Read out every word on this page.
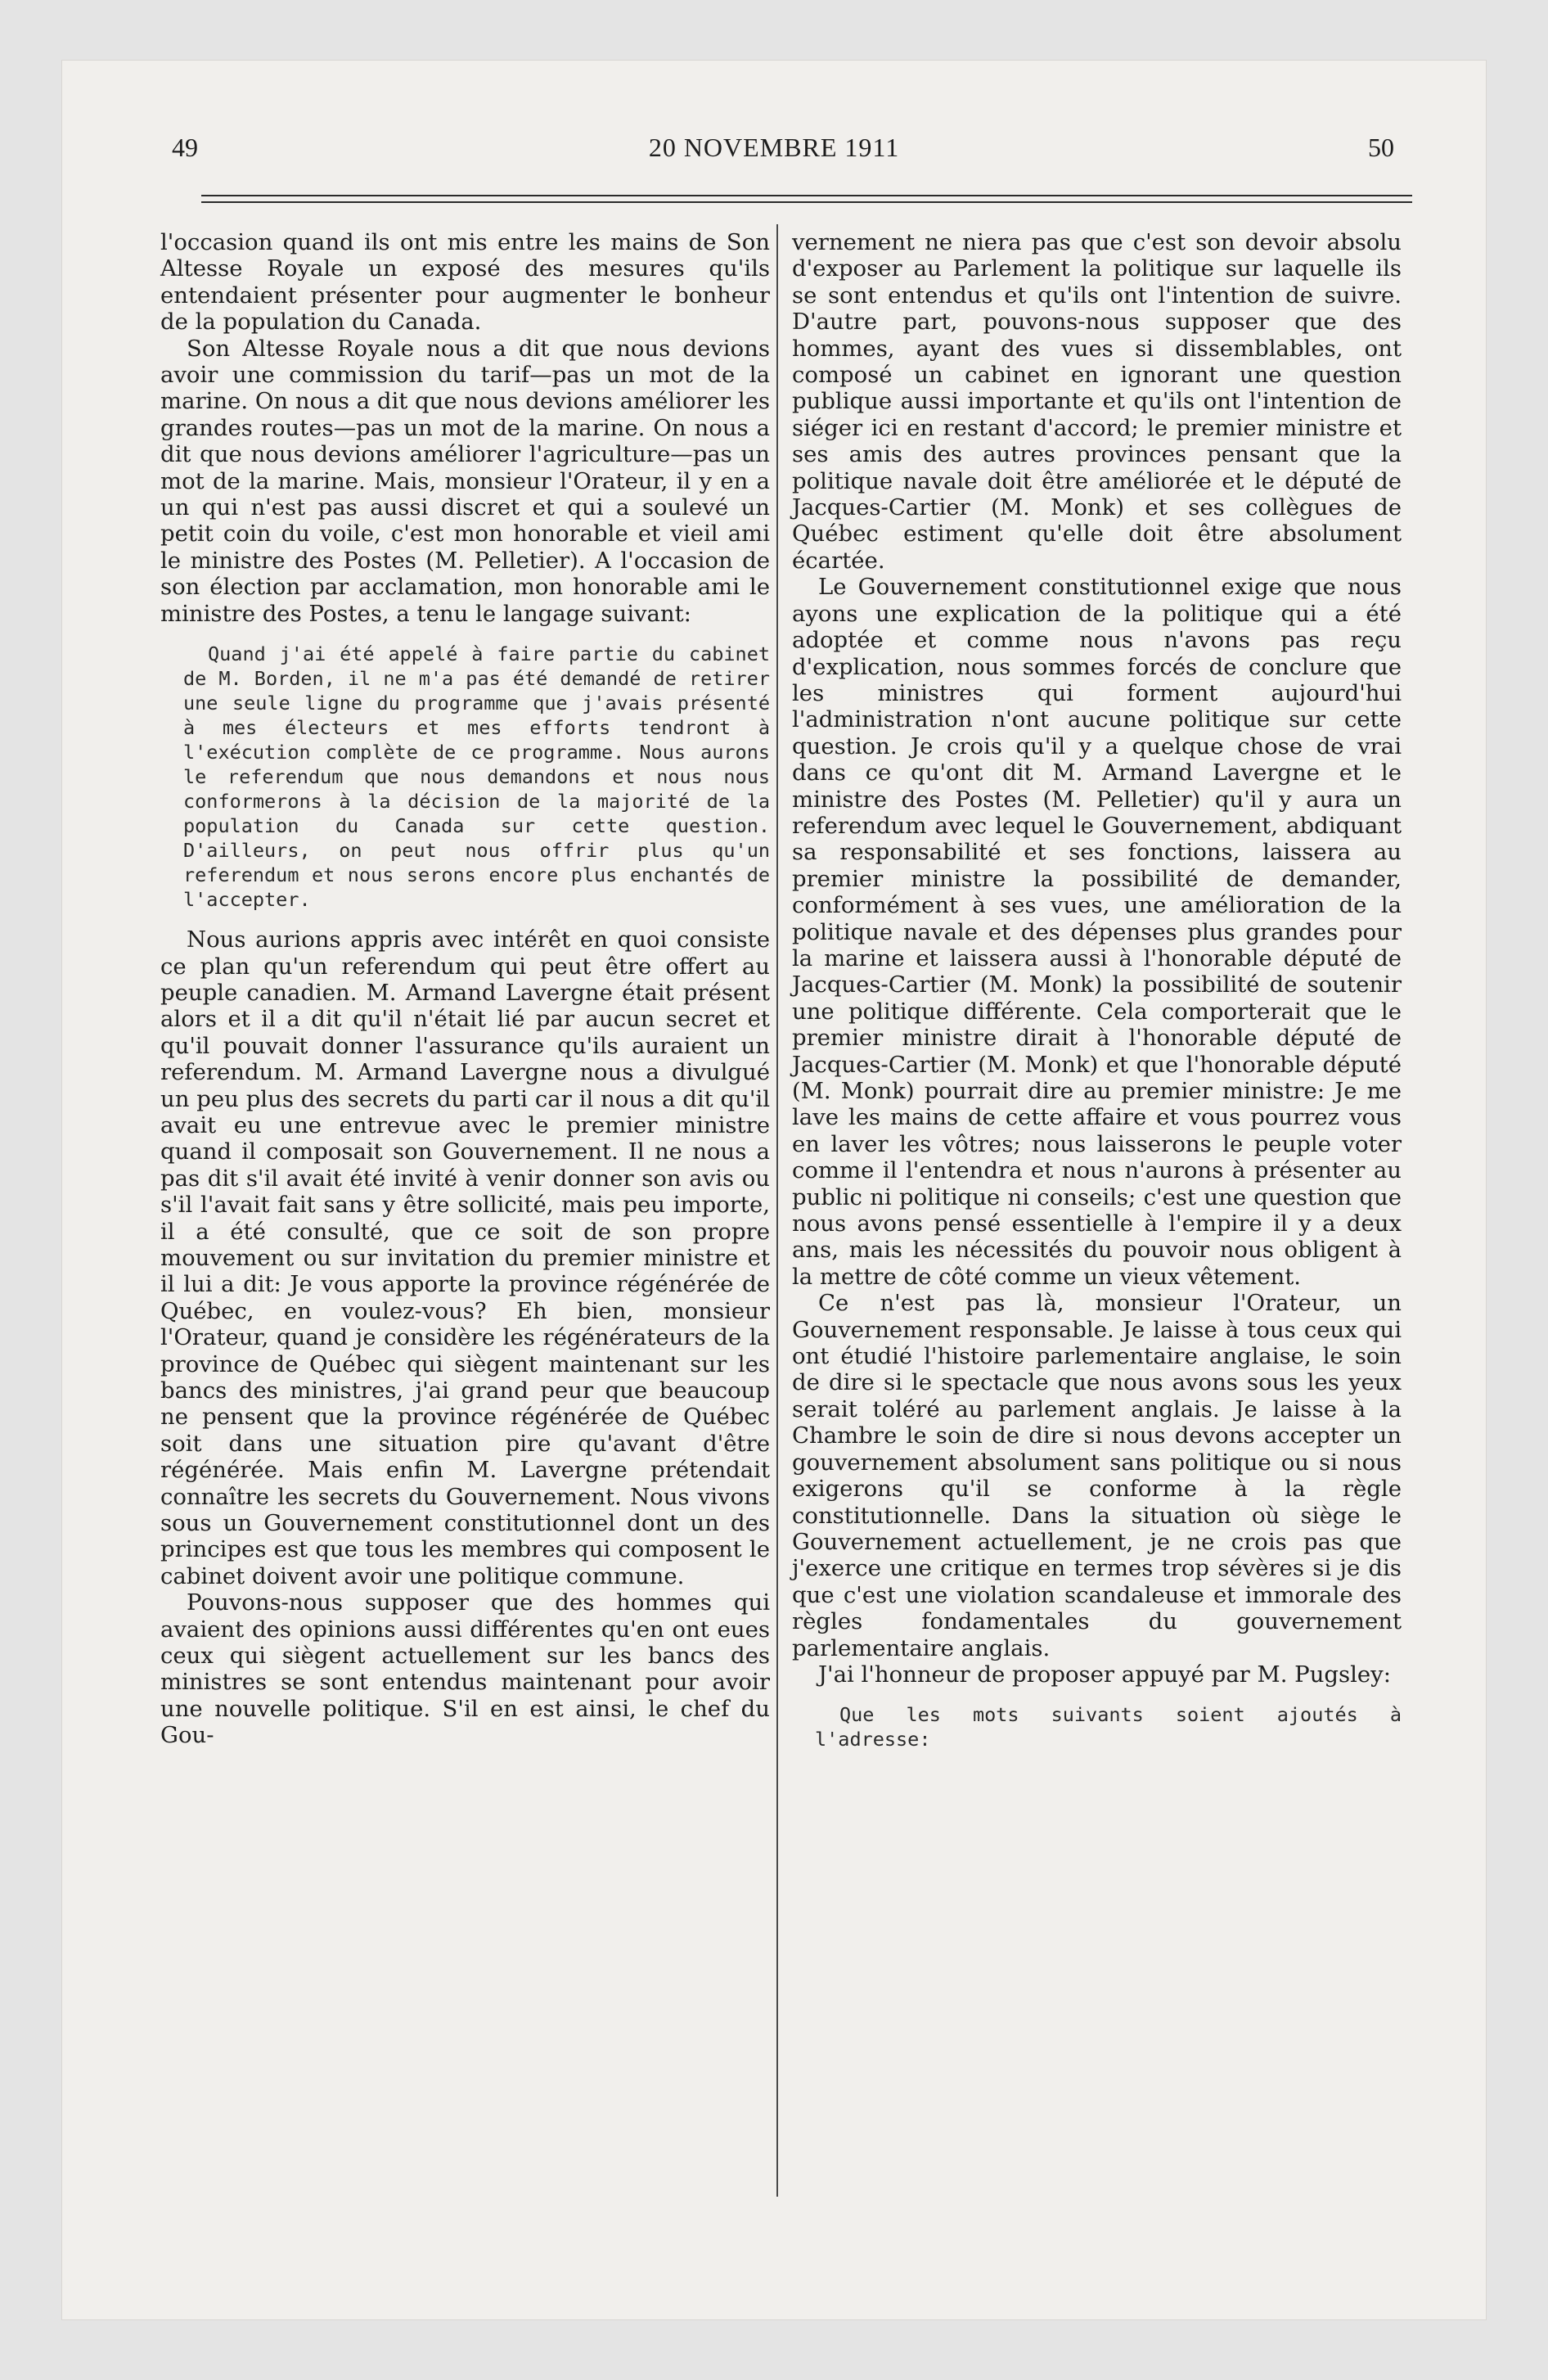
49	20 NOVEMBRE 1911	50

l'occasion quand ils ont mis entre les mains de Son Altesse Royale un exposé des mesures qu'ils entendaient présenter pour augmenter le bonheur de la population du Canada.

Son Altesse Royale nous a dit que nous devions avoir une commission du tarif—pas un mot de la marine. On nous a dit que nous devions améliorer les grandes routes—pas un mot de la marine. On nous a dit que nous devions améliorer l'agriculture—pas un mot de la marine. Mais, monsieur l'Orateur, il y en a un qui n'est pas aussi discret et qui a soulevé un petit coin du voile, c'est mon honorable et vieil ami le ministre des Postes (M. Pelletier). A l'occasion de son élection par acclamation, mon honorable ami le ministre des Postes, a tenu le langage suivant:

Quand j'ai été appelé à faire partie du cabinet de M. Borden, il ne m'a pas été demandé de retirer une seule ligne du programme que j'avais présenté à mes électeurs et mes efforts tendront à l'exécution complète de ce programme. Nous aurons le referendum que nous demandons et nous nous conformerons à la décision de la majorité de la population du Canada sur cette question. D'ailleurs, on peut nous offrir plus qu'un referendum et nous serons encore plus enchantés de l'accepter.

Nous aurions appris avec intérêt en quoi consiste ce plan qu'un referendum qui peut être offert au peuple canadien. M. Armand Lavergne était présent alors et il a dit qu'il n'était lié par aucun secret et qu'il pouvait donner l'assurance qu'ils auraient un referendum. M. Armand Lavergne nous a divulgué un peu plus des secrets du parti car il nous a dit qu'il avait eu une entrevue avec le premier ministre quand il composait son Gouvernement. Il ne nous a pas dit s'il avait été invité à venir donner son avis ou s'il l'avait fait sans y être sollicité, mais peu importe, il a été consulté, que ce soit de son propre mouvement ou sur invitation du premier ministre et il lui a dit: Je vous apporte la province régénérée de Québec, en voulez-vous? Eh bien, monsieur l'Orateur, quand je considère les régénérateurs de la province de Québec qui siègent maintenant sur les bancs des ministres, j'ai grand peur que beaucoup ne pensent que la province régénérée de Québec soit dans une situation pire qu'avant d'être régénérée. Mais enfin M. Lavergne prétendait connaître les secrets du Gouvernement. Nous vivons sous un Gouvernement constitutionnel dont un des principes est que tous les membres qui composent le cabinet doivent avoir une politique commune.

Pouvons-nous supposer que des hommes qui avaient des opinions aussi différentes qu'en ont eues ceux qui siègent actuellement sur les bancs des ministres se sont entendus maintenant pour avoir une nouvelle politique. S'il en est ainsi, le chef du Gou-

vernement ne niera pas que c'est son devoir absolu d'exposer au Parlement la politique sur laquelle ils se sont entendus et qu'ils ont l'intention de suivre. D'autre part, pouvons-nous supposer que des hommes, ayant des vues si dissemblables, ont composé un cabinet en ignorant une question publique aussi importante et qu'ils ont l'intention de siéger ici en restant d'accord; le premier ministre et ses amis des autres provinces pensant que la politique navale doit être améliorée et le député de Jacques-Cartier (M. Monk) et ses collègues de Québec estiment qu'elle doit être absolument écartée.

Le Gouvernement constitutionnel exige que nous ayons une explication de la politique qui a été adoptée et comme nous n'avons pas reçu d'explication, nous sommes forcés de conclure que les ministres qui forment aujourd'hui l'administration n'ont aucune politique sur cette question. Je crois qu'il y a quelque chose de vrai dans ce qu'ont dit M. Armand Lavergne et le ministre des Postes (M. Pelletier) qu'il y aura un referendum avec lequel le Gouvernement, abdiquant sa responsabilité et ses fonctions, laissera au premier ministre la possibilité de demander, conformément à ses vues, une amélioration de la politique navale et des dépenses plus grandes pour la marine et laissera aussi à l'honorable député de Jacques-Cartier (M. Monk) la possibilité de soutenir une politique différente. Cela comporterait que le premier ministre dirait à l'honorable député de Jacques-Cartier (M. Monk) et que l'honorable député (M. Monk) pourrait dire au premier ministre: Je me lave les mains de cette affaire et vous pourrez vous en laver les vôtres; nous laisserons le peuple voter comme il l'entendra et nous n'aurons à présenter au public ni politique ni conseils; c'est une question que nous avons pensé essentielle à l'empire il y a deux ans, mais les nécessités du pouvoir nous obligent à la mettre de côté comme un vieux vêtement.

Ce n'est pas là, monsieur l'Orateur, un Gouvernement responsable. Je laisse à tous ceux qui ont étudié l'histoire parlementaire anglaise, le soin de dire si le spectacle que nous avons sous les yeux serait toléré au parlement anglais. Je laisse à la Chambre le soin de dire si nous devons accepter un gouvernement absolument sans politique ou si nous exigerons qu'il se conforme à la règle constitutionnelle. Dans la situation où siège le Gouvernement actuellement, je ne crois pas que j'exerce une critique en termes trop sévères si je dis que c'est une violation scandaleuse et immorale des règles fondamentales du gouvernement parlementaire anglais.

J'ai l'honneur de proposer appuyé par M. Pugsley:

Que les mots suivants soient ajoutés à l'adresse:
